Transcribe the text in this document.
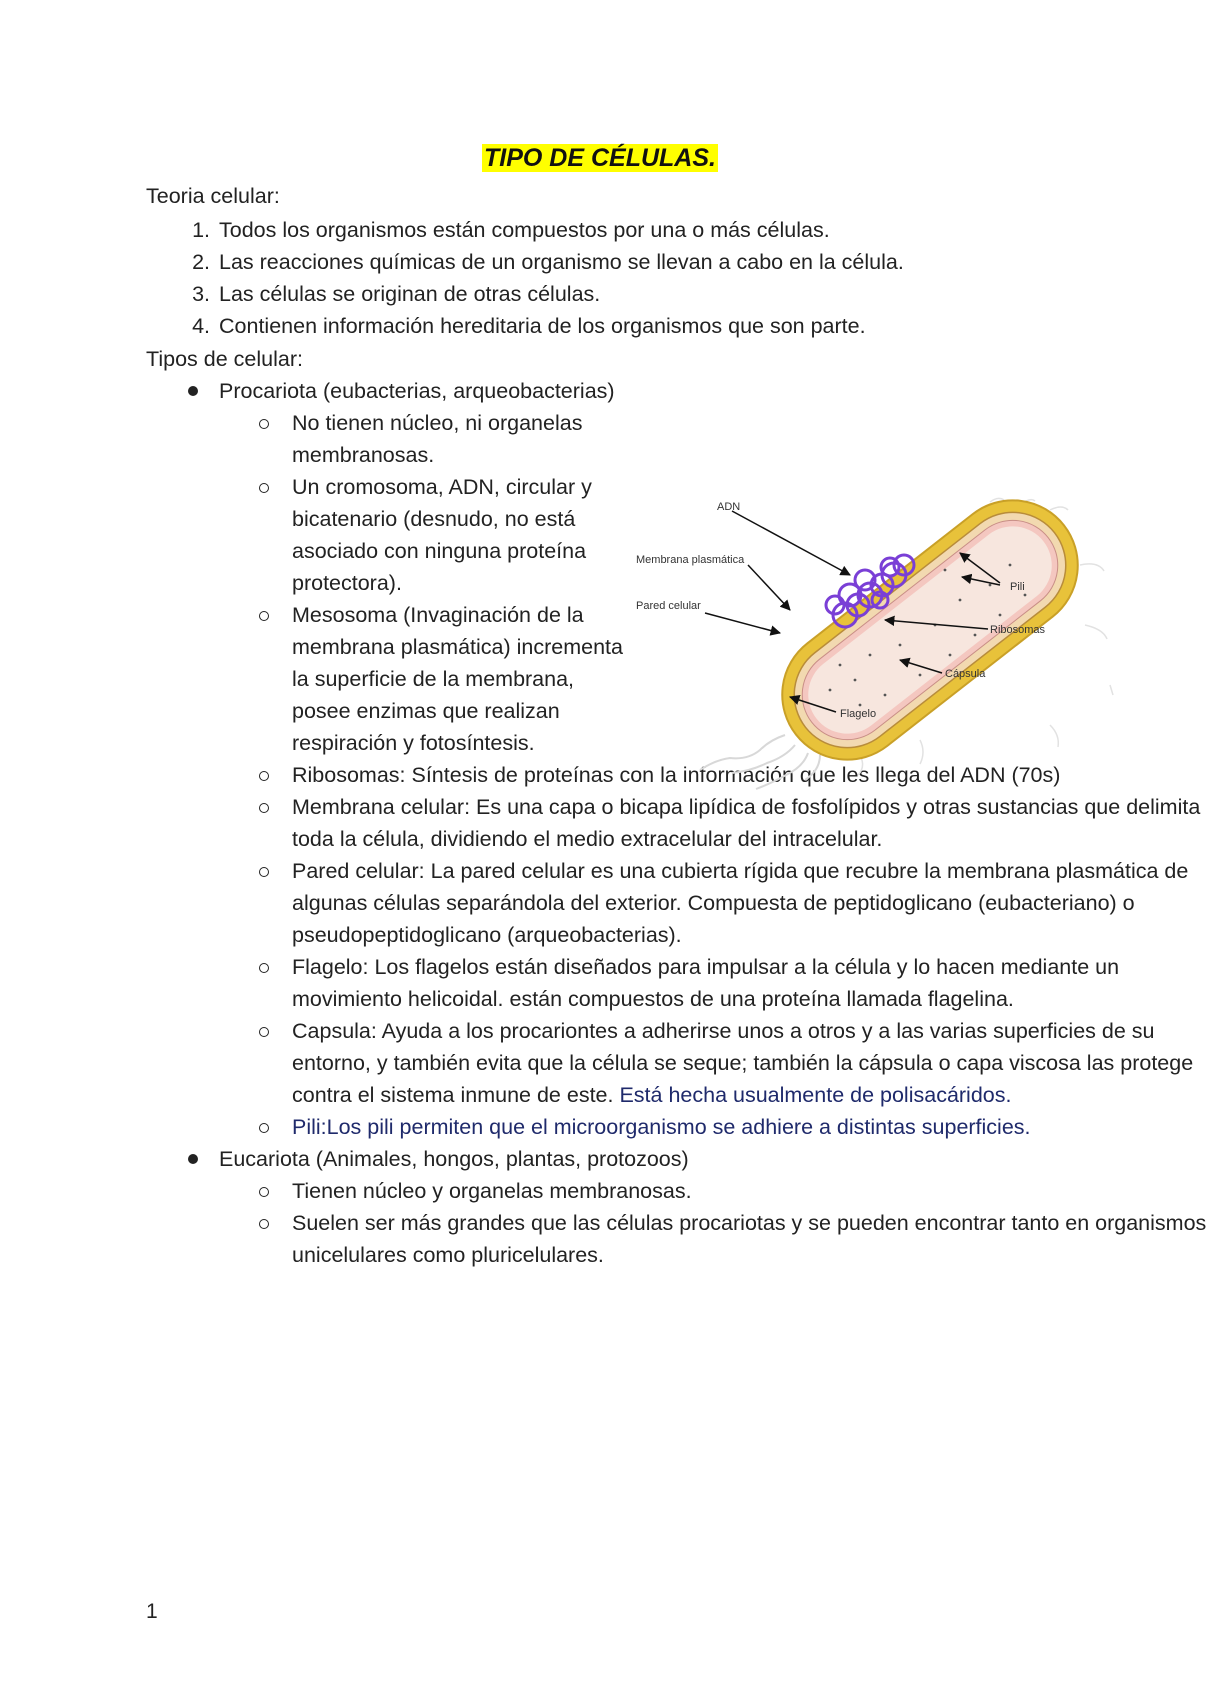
TIPO DE CÉLULAS.
Teoria celular:
1. Todos los organismos están compuestos por una o más células.
2. Las reacciones químicas de un organismo se llevan a cabo en la célula.
3. Las células se originan de otras células.
4. Contienen información hereditaria de los organismos que son parte.
Tipos de celular:
Procariota (eubacterias, arqueobacterias)
No tienen núcleo, ni organelas membranosas.
Un cromosoma, ADN, circular y bicatenario (desnudo, no está asociado con ninguna proteína protectora).
Mesosoma (Invaginación de la membrana plasmática) incrementa la superficie de la membrana, posee enzimas que realizan respiración y fotosíntesis.
Ribosomas: Síntesis de proteínas con la información que les llega del ADN (70s)
Membrana celular: Es una capa o bicapa lipídica de fosfolípidos y otras sustancias que delimita toda la célula, dividiendo el medio extracelular del intracelular.
Pared celular: La pared celular es una cubierta rígida que recubre la membrana plasmática de algunas células separándola del exterior. Compuesta de peptidoglicano (eubacteriano) o pseudopeptidoglicano (arqueobacterias).
Flagelo: Los flagelos están diseñados para impulsar a la célula y lo hacen mediante un movimiento helicoidal. están compuestos de una proteína llamada flagelina.
Capsula: Ayuda a los procariontes a adherirse unos a otros y a las varias superficies de su entorno, y también evita que la célula se seque; también la cápsula o capa viscosa las protege contra el sistema inmune de este. Está hecha usualmente de polisacáridos.
Pili:Los pili permiten que el microorganismo se adhiere a distintas superficies.
Eucariota (Animales, hongos, plantas, protozoos)
Tienen núcleo y organelas membranosas.
Suelen ser más grandes que las células procariotas y se pueden encontrar tanto en organismos unicelulares como pluricelulares.
ADN
Membrana plasmática
Pared celular
Pili
Ribosomas
Cápsula
Flagelo
1
